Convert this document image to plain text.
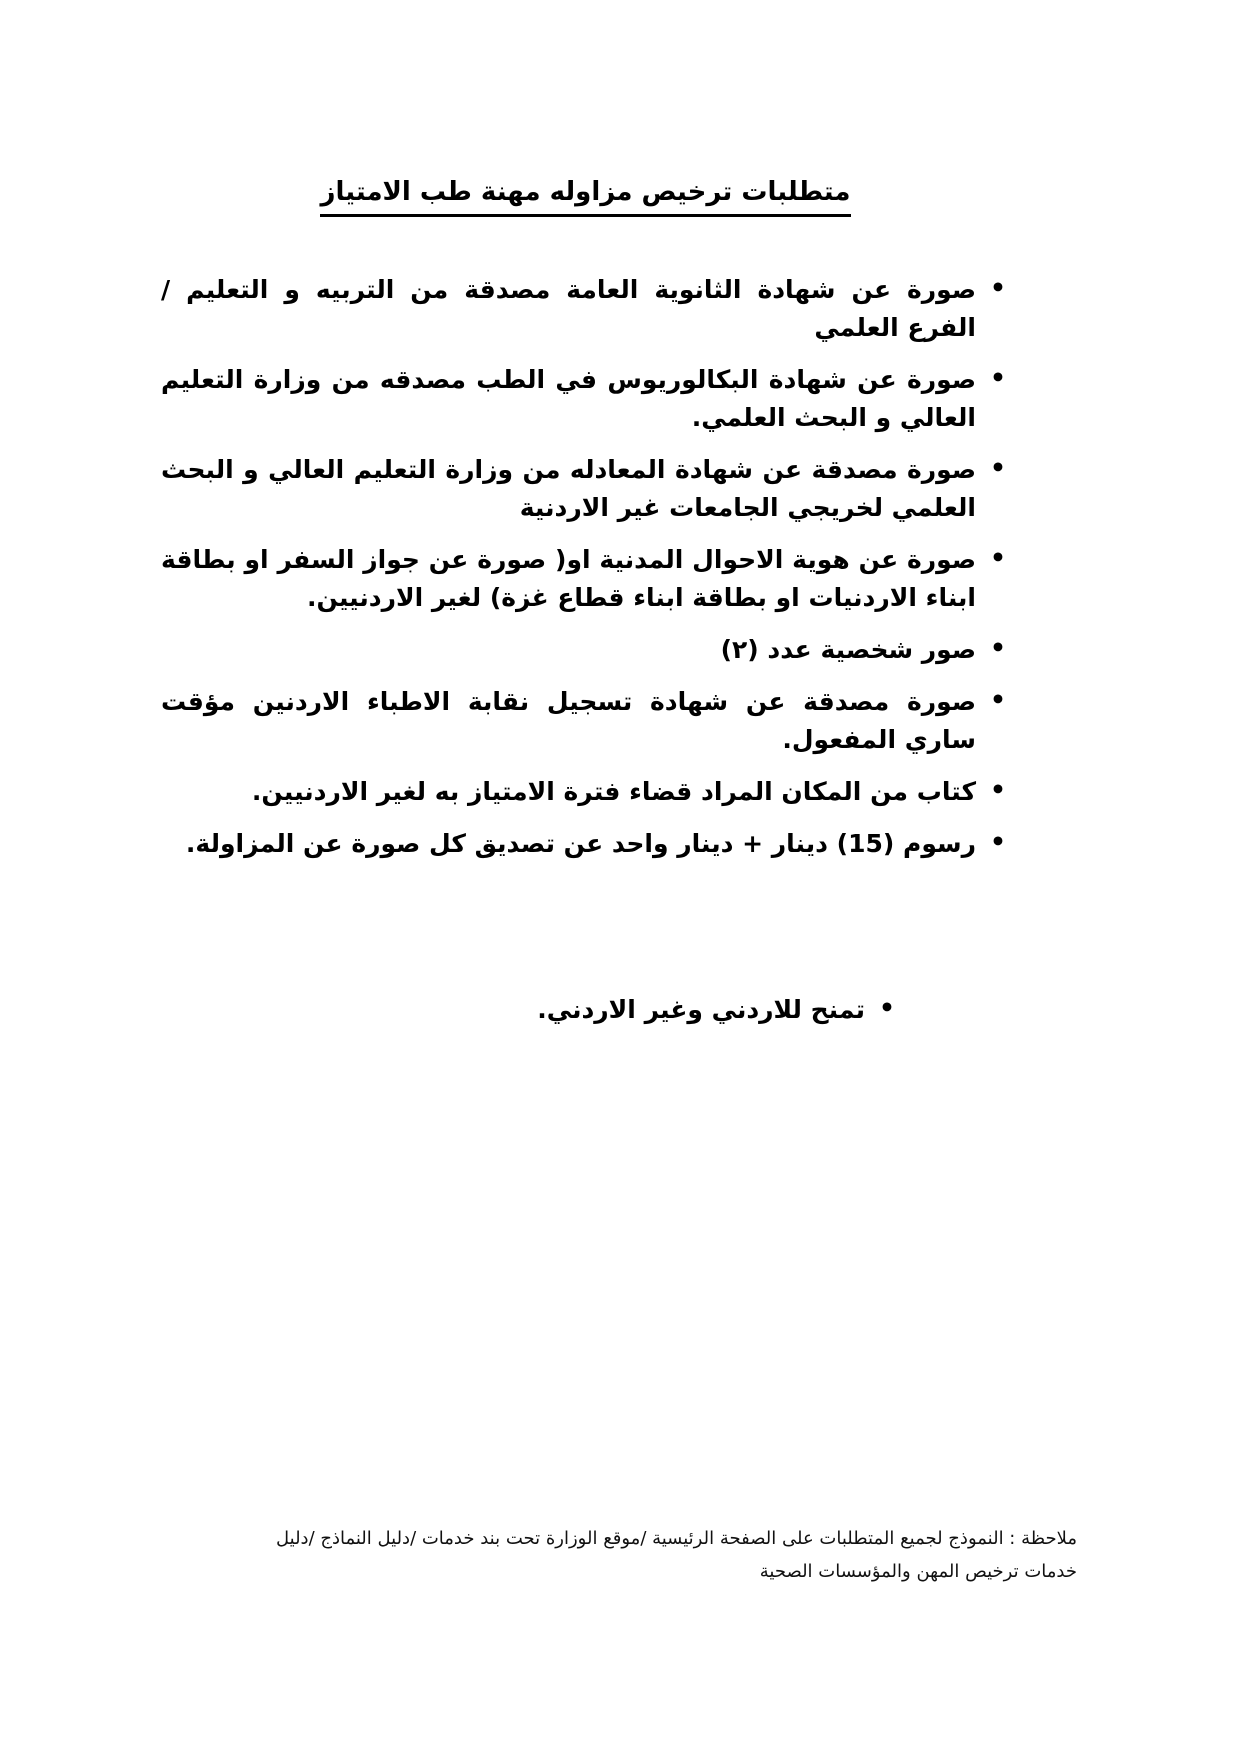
متطلبات ترخيص مزاوله مهنة طب الامتياز
•
صورة عن شهادة الثانوية العامة مصدقة من التربيه و التعليم / الفرع العلمي
•
صورة عن شهادة البكالوريوس في الطب مصدقه من وزارة التعليم العالي و البحث العلمي.
•
صورة مصدقة عن شهادة المعادله من وزارة التعليم العالي و البحث العلمي لخريجي الجامعات غير الاردنية
•
صورة عن هوية الاحوال المدنية او( صورة عن جواز السفر او بطاقة ابناء الاردنيات او بطاقة ابناء قطاع غزة) لغير الاردنيين.
•
صور شخصية عدد (٢)
•
صورة مصدقة عن شهادة تسجيل نقابة الاطباء الاردنين مؤقت ساري المفعول.
•
كتاب من المكان المراد قضاء فترة الامتياز به لغير الاردنيين.
•
رسوم (15) دينار + دينار واحد عن تصديق كل صورة عن المزاولة.
•
تمنح للاردني وغير الاردني.
ملاحظة : النموذج لجميع المتطلبات على الصفحة الرئيسية /موقع الوزارة تحت بند خدمات /دليل النماذج /دليل
خدمات ترخيص المهن والمؤسسات الصحية
